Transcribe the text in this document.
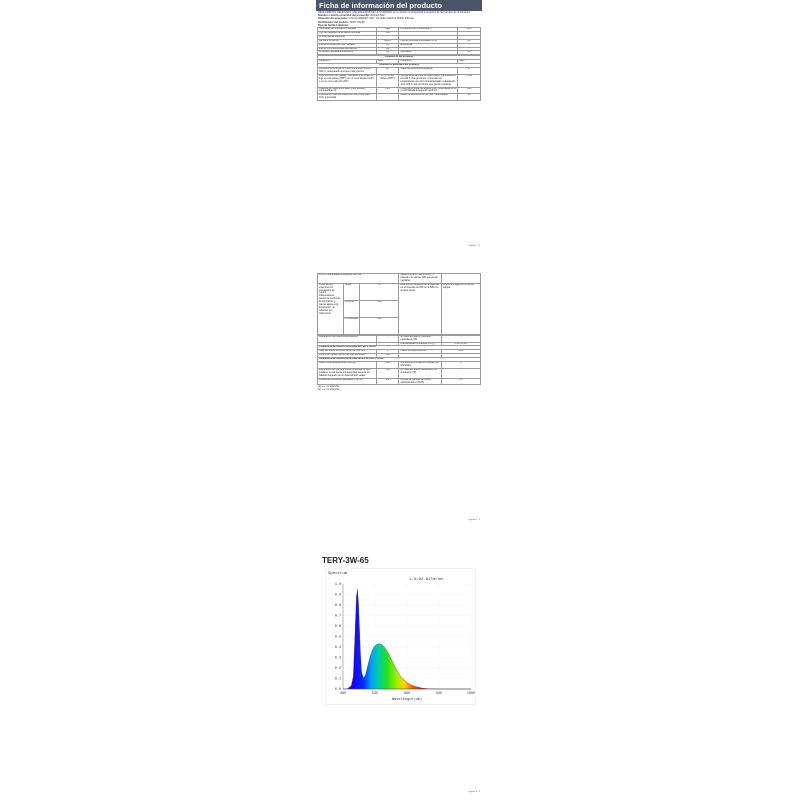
Ficha de información del producto
REGLAMENTO DELEGADO (UE) 2019/2015 DE LA COMISIÓN en lo relativo al etiquetado energético de las fuentes de iluminación
Nombre o marca comercial del proveedor: ADCESTAR
Dirección del proveedor: ITALIA MARKET SRL, Via della Industria 36660 MB Italy
Identificador del modelo: TERY-3W-65
Tipo de fuente luminosa:
Tecnología de iluminación utilizada	LED	No direccional o direccional	DLS
Tipo de casquillo de la fuente luminosa	N/A		
(u otra interfaz eléctrica)			
De red o no de red	NMLS	Fuente luminosa conectada (CLS)	No
Fuente luminosa de color variable	No	Envolvente	-
Fuente luminosa de alta luminancia	No		
Protección antideslumbramiento	No	Atenuable	No
Parámetros del producto			
Parámetro	Valor	Parámetro	Valor
Parámetros generales del producto			
Consumo de energía en modo encendido (kWh/1 000 h), redondeado al entero más próximo	24	Clase de eficiencia energética	E
Flujo luminoso útil (Φuse), indicando si se refiere al flujo en una esfera (360°), en un cono amplio (120°) o en un cono estrecho (90°)	2 700 lm en Esfera (360°)	Temperatura de color correlacionada, redondeada a los 100 K más próximos, o intervalo de temperaturas de color correlacionadas, redondeado a los 100 K más próximos, que puede regularse	6 500
Potencia en modo encendido (Pencendido), expresada en W	24,0	Potencia en modo de espera (Psb), expresada en W y redondeada al segundo decimal	0,00
Potencia en modo de espera en red (Pnet) para CLS, expresada	-	Índice de reproducción de color, redondeado	80
Página 1 / 3
en W y redondeada al segundo decimal			desde el entero más próximo, o intervalo de valores CRI que puede regularse	
Dimensiones exteriores sin mecanismo de control independiente, piezas de control de la iluminación y piezas ajenas a la iluminación, de haberlas (en milímetros)	Altura	15	Distribución espectral de la potencia en el intervalo de 250 nm a 800 nm, a plena carga	Véase la imagen en la última página
	Anchura	210		
	Profundidad	210		
Declaración de potencia equivalente	-	En caso afirmativo, potencia equivalente (W)	-
		Coordenadas cromáticas (x e y)	0,313 0,337
Parámetros de fuentes luminosas de LED y OLED:			
Valor del índice de rendimiento de color R9	6	Factor de supervivencia	0,90
Factor de mantenimiento del flujo luminoso	0,96		
Parámetros de fuentes luminosas de red de LED y OLED:			
Factor de desplazamiento (cos φ1)	0,90	Coherencia cromática en elipses de MacAdam	6
Declaración de que una fuente luminosa de LED sustituye a una fuente luminosa fluorescente sin balasto integrado de un determinado vataje	-(a)	En caso afirmativo, declaración de sustitución (W)	-
Unidad de medida del parpadeo (Pst LM)	0,1	Unidad de medida del efecto estroboscópico (SVM)	0,1
(a) «-»: no aplicable;
(b) «-»: no aplicable;
Página 2 / 3
TERY-3W-65
Spectrum
1.3=92.82lm/nm
0.0
0.1
0.2
0.3
0.4
0.5
0.6
0.7
0.8
0.9
1.0
380	535	690	845	1000
Wavelength(nm)
Página 3 / 3
